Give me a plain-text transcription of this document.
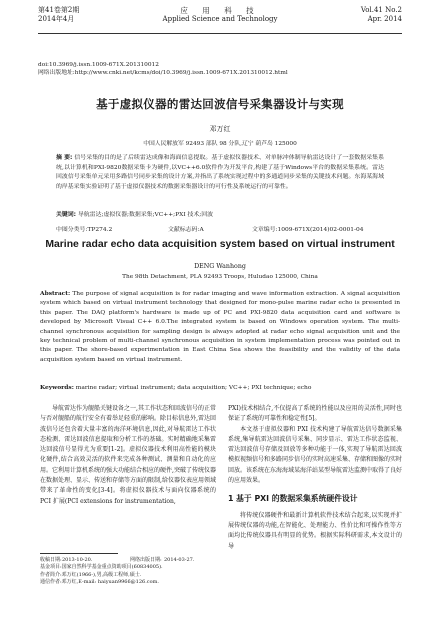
第41卷第2期
2014年4月
应 用 科 技
Applied Science and Technology
Vol.41 No.2
Apr. 2014
doi:10.3969/j.issn.1009-671X.201310012
网络出版地址:http://www.cnki.net/kcms/doi/10.3969/j.issn.1009-671X.201310012.html
基于虚拟仪器的雷达回波信号采集器设计与实现
邓万红
中国人民解放军 92493 部队 98 分队,辽宁 葫芦岛 125000
摘 要: 信号采集的目的是了后续雷达成像和海面信息提取。基于虚拟仪器技术、对单脉冲体制导航雷达设计了一套数据采集系统,以计算机和PXI-9820数据采集卡为硬件,以VC++6.0软件作为开发平台,构建了基于Windows平台的数据采集系统。雷达回波信号采集单元采用多路信号同步采集的设计方案,并指出了系统实现过程中的多通道同步采集的关键技术问题。东海某海域的岸基采集实验证明了基于虚拟仪器技术的数据采集器设计的可行性及系统运行的可靠性。
关键词: 导航雷达;虚拟仪器;数据采集;VC++;PXI 技术;回波
中图分类号:TP274.2	文献标志码:A	文章编号:1009-671X(2014)02-0001-04
Marine radar echo data acquisition system based on virtual instrument
DENG Wanhong
The 98th Detachment, PLA 92493 Troops, Huludao 125000, China
Abstract: The purpose of signal acquisition is for radar imaging and wave information extraction. A signal acquisition system which based on virtual instrument technology that designed for mono-pulse marine radar echo is presented in this paper. The DAQ platform's hardware is made up of PC and PXI-9820 data acquisition card and software is developed by Microsoft Visual C++ 6.0.The integrated system is based on Windows operation system. The multi-channel synchronous acquisition for sampling design is always adopted at radar echo signal acquisition unit and the key technical problem of multi-channel synchronous acquisition in system implementation process was pointed out in this paper. The shore-based experimentation in East China Sea shows the feasibility and the validity of the data acquisition system based on virtual instrument.
Keywords: marine radar; virtual instrument; data acquisition; VC++; PXI technique; echo

导航雷达作为舰船关键设备之一,其工作状态和回波信号的正常与否对舰船的航行安全有着举足轻重的影响。除目标信息外,雷达回波信号还包含着大量丰富的海洋环境信息,因此,对导航雷达工作状态检测、雷达回波信息提取和分析工作的基础。实时精确地采集雷达回波信号显得尤为重要[1-2]。虚拟仪器技术利用高性能的模块化硬件,结合高效灵活的软件来完成各种测试、测量和自动化的应用。它利用计算机系统的强大功能结合相应的硬件,突破了传统仪器在数据处理、显示、传送和存储等方面的限制,给仪器仪表应用领域带来了革命性的变化[3-4]。将虚拟仪器技术与面向仪器系统的 PCI 扩展(PCI extensions for instrumentation,

PXI)技术相结合,不仅提高了系统的性能以及应用的灵活性,同时也保证了系统的可靠性和稳定性[5]。

本文基于虚拟仪器和 PXI 技术构建了导航雷达信号数据采集系统,集导航雷达回波信号采集、同步显示、雷达工作状态监视、雷达回波信号存储及回放等多种功能于一体,实现了导航雷达回波模拟视频信号和多路同步信号的实时高速采集、存储和图像的实时回放。该系统在东海海域某海洋站某型导航雷达监测中取得了良好的应用效果。

1 基于 PXI 的数据采集系统硬件设计

将传统仪器硬件和最新计算机软件技术结合起来,以实现并扩展传统仪器的功能,在智能化、处理能力、性价比和可操作性等方面均比传统仪器具有明显的优势。根据实际科研需求,本文设计的导

收稿日期: 2013-10-20.	网络出版日期: 2014-03-27.
基金项目:国家自然科学基金重点资助项目(60834005).
作者简介:邓万红(1966-),男,高级工程师,硕士.
通信作者:邓万红,E-mail: haiyuan9966@126.com.
